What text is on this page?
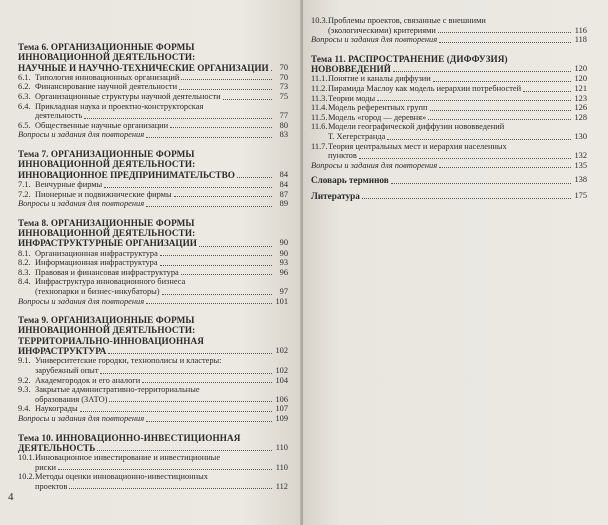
Тема 6. ОРГАНИЗАЦИОННЫЕ ФОРМЫ
ИННОВАЦИОННОЙ ДЕЯТЕЛЬНОСТИ:
НАУЧНЫЕ И НАУЧНО-ТЕХНИЧЕСКИЕ ОРГАНИЗАЦИИ	70
6.1. Типология инновационных организаций	70
6.2. Финансирование научной деятельности	73
6.3. Организационные структуры научной деятельности	75
6.4. Прикладная наука и проектно-конструкторская
деятельность	77
6.5. Общественные научные организации	80
Вопросы и задания для повторения	83
Тема 7. ОРГАНИЗАЦИОННЫЕ ФОРМЫ
ИННОВАЦИОННОЙ ДЕЯТЕЛЬНОСТИ:
ИННОВАЦИОННОЕ ПРЕДПРИНИМАТЕЛЬСТВО	84
7.1. Венчурные фирмы	84
7.2. Пионерные и подвижнические фирмы	87
Вопросы и задания для повторения	89
Тема 8. ОРГАНИЗАЦИОННЫЕ ФОРМЫ
ИННОВАЦИОННОЙ ДЕЯТЕЛЬНОСТИ:
ИНФРАСТРУКТУРНЫЕ ОРГАНИЗАЦИИ	90
8.1. Организационная инфраструктура	90
8.2. Информационная инфраструктура	93
8.3. Правовая и финансовая инфраструктура	96
8.4. Инфраструктура инновационного бизнеса
(технопарки и бизнес-инкубаторы)	97
Вопросы и задания для повторения	101
Тема 9. ОРГАНИЗАЦИОННЫЕ ФОРМЫ
ИННОВАЦИОННОЙ ДЕЯТЕЛЬНОСТИ:
ТЕРРИТОРИАЛЬНО-ИННОВАЦИОННАЯ
ИНФРАСТРУКТУРА	102
9.1. Университетские городки, технополисы и кластеры:
зарубежный опыт	102
9.2. Академгородок и его аналоги	104
9.3. Закрытые административно-территориальные
образования (ЗАТО)	106
9.4. Наукограды	107
Вопросы и задания для повторения	109
Тема 10. ИННОВАЦИОННО-ИНВЕСТИЦИОННАЯ
ДЕЯТЕЛЬНОСТЬ	110
10.1.Инновационное инвестирование и инвестиционные
риски	110
10.2.Методы оценки инновационно-инвестиционных
проектов	112
4
10.3.Проблемы проектов, связанные с внешними
(экологическими) критериями	116
Вопросы и задания для повторения	118
Тема 11. РАСПРОСТРАНЕНИЕ (ДИФФУЗИЯ)
НОВОВВЕДЕНИЙ	120
11.1.Понятие и каналы диффузии	120
11.2.Пирамида Маслоу как модель иерархии потребностей	121
11.3.Теории моды	123
11.4.Модель референтных групп	126
11.5.Модель «город — деревня»	128
11.6.Модели географической диффузии нововведений
Т. Хегерстранда	130
11.7.Теория центральных мест и иерархия населенных
пунктов	132
Вопросы и задания для повторения	135
Словарь терминов	138
Литература	175
